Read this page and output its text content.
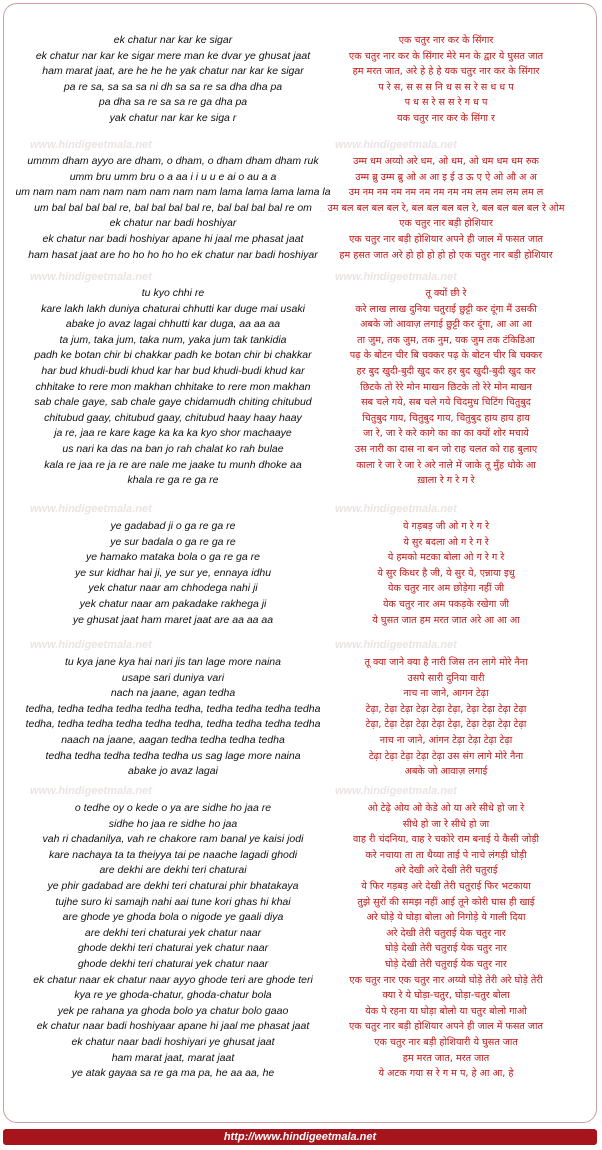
ek chatur nar kar ke sigar	एक चतुर नार कर के सिंगार
ek chatur nar kar ke sigar mere man ke dvar ye ghusat jaat	एक चतुर नार कर के सिंगार मेरे मन के द्वार ये घुसत जात
ham marat jaat, are he he he yak chatur nar kar ke sigar	हम मरत जात, अरे हे हे हे यक चतुर नार कर के सिंगार
pa re sa, sa sa sa ni dh sa sa re sa dha dha pa	प रे स, स स स नि ध स स रे स ध ध प
pa dha sa re sa sa re ga dha pa	प ध स रे स स रे ग ध प
yak chatur nar kar ke siga r	यक चतुर नार कर के सिंगा र
ummm dham ayyo are dham, o dham, o dham dham dham ruk	उम्म धम अय्यो अरे धम, ओ धम, ओ धम धम धम रुक
umm bru umm bru o a aa i i u u e ai o au a a	उम्म ब्रु उम्म ब्रु ओ अ आ इ ई उ ऊ ए ऐ ओ औ अ अ
um nam nam nam nam nam nam nam nam lama lama lama lama la	उम नम नम नम नम नम नम नम नम लम लम लम लम ल
um bal bal bal bal re, bal bal bal bal re, bal bal bal bal re om	उम बल बल बल बल रे, बल बल बल बल रे, बल बल बल बल रे ओम
ek chatur nar badi hoshiyar	एक चतुर नार बड़ी होशियार
ek chatur nar badi hoshiyar apane hi jaal me phasat jaat	एक चतुर नार बड़ी होशियार अपने ही जाल में फसत जात
ham hasat jaat are ho ho ho ho ho ek chatur nar badi hoshiyar	हम हसत जात अरे हो हो हो हो हो एक चतुर नार बड़ी होशियार
tu kyo chhi re	तू क्यों छी रे
kare lakh lakh duniya chaturai chhutti kar duge mai usaki	करे लाख लाख दुनिया चतुराई छुट्टी कर दूंगा मैं उसकी
abake jo avaz lagai chhutti kar duga, aa aa aa	अबके जो आवाज़ लगाई छुट्टी कर दूंगा, आ आ आ
ta jum, taka jum, taka num, yaka jum tak tankidia	ता जुम, तक जुम, तक नुम, यक जुम तक टंकिडिआ
padh ke botan chir bi chakkar padh ke botan chir bi chakkar	पढ़ के बोटन चीर बि चक्कर पढ़ के बोटन चीर बि चक्कर
har bud khudi-budi khud kar har bud khudi-budi khud kar	हर बुद खुदी-बुदी खुद कर हर बुद खुदी-बुदी खुद कर
chhitake to rere mon makhan chhitake to rere mon makhan	छिटके तो रेरे मोन माखन छिटके तो रेरे मोन माखन
sab chale gaye, sab chale gaye chidamudh chiting chitubud	सब चले गये, सब चले गये चिदमुध चिटिंग चितुबुद
chitubud gaay, chitubud gaay, chitubud haay haay haay	चितुबुद गाय, चितुबुद गाय, चितुबुद हाय हाय हाय
ja re, jaa re kare kage ka ka ka kyo shor machaaye	जा रे, जा रे करे कागे का का का क्यों शोर मचाये
us nari ka das na ban jo rah chalat ko rah bulae	उस नारी का दास ना बन जो राह चलत को राह बुलाए
kala re jaa re ja re are nale me jaake tu munh dhoke aa	काला रे जा रे जा रे अरे नाले में जाके तू मुँह धोके आ
khala re ga re ga re	ख़ाला रे ग रे ग रे
ye gadabad ji o ga re ga re	ये गड़बड़ जी ओ ग रे ग रे
ye sur badala o ga re ga re	ये सुर बदला ओ ग रे ग रे
ye hamako mataka bola o ga re ga re	ये हमको मटका बोला ओ ग रे ग रे
ye sur kidhar hai ji, ye sur ye, ennaya idhu	ये सुर किधर है जी, ये सुर ये, एन्नाया इधु
yek chatur naar am chhodega nahi ji	येक चतुर नार अम छोड़ेगा नहीं जी
yek chatur naar am pakadake rakhega ji	येक चतुर नार अम पकड़के रखेगा जी
ye ghusat jaat ham maret jaat are aa aa aa	ये घुसत जात हम मरत जात अरे आ आ आ
tu kya jane kya hai nari jis tan lage more naina	तू क्या जाने क्या है नारी जिस तन लागे मोरे नैना
usape sari duniya vari	उसपे सारी दुनिया वारी
nach na jaane, agan tedha	नाच ना जाने, आगन टेढ़ा
tedha, tedha tedha tedha tedha tedha, tedha tedha tedha tedha	टेढ़ा, टेढ़ा टेढ़ा टेढ़ा टेढ़ा टेढ़ा, टेढ़ा टेढ़ा टेढ़ा टेढ़ा
tedha, tedha tedha tedha tedha tedha, tedha tedha tedha tedha	टेढ़ा, टेढ़ा टेढ़ा टेढ़ा टेढ़ा टेढ़ा, टेढ़ा टेढ़ा टेढ़ा टेढ़ा
naach na jaane, aagan tedha tedha tedha tedha	नाच ना जाने, आंगन टेढ़ा टेढ़ा टेढ़ा टेढ़ा
tedha tedha tedha tedha tedha us sag lage more naina	टेढ़ा टेढ़ा टेढ़ा टेढ़ा टेढ़ा उस संग लागे मोरे नैना
abake jo avaz lagai	अबके जो आवाज़ लगाई
o tedhe oy o kede o ya are sidhe ho jaa re	ओ टेढ़े ओय ओ केडे ओ या अरे सीधे हो जा रे
sidhe ho jaa re sidhe ho jaa	सीधे हो जा रे सीधे हो जा
vah ri chadanilya, vah re chakore ram banal ye kaisi jodi	वाह री चंदनिया, वाह रे चकोरे राम बनाई ये कैसी जोड़ी
kare nachaya ta ta theiyya tai pe naache lagadi ghodi	करे नचाया ता ता थैय्या ताई पे नाचे लंगड़ी घोड़ी
are dekhi are dekhi teri chaturai	अरे देखी अरे देखी तेरी चतुराई
ye phir gadabad are dekhi teri chaturai phir bhatakaya	ये फिर गड़बड़ अरे देखी तेरी चतुराई फिर भटकाया
tujhe suro ki samajh nahi aai tune kori ghas hi khai	तुझे सुरों की समझ नहीं आई तूने कोरी घास ही खाई
are ghode ye ghoda bola o nigode ye gaali diya	अरे घोड़े ये घोड़ा बोला ओ निगोड़े ये गाली दिया
are dekhi teri chaturai yek chatur naar	अरे देखी तेरी चतुराई येक चतुर नार
ghode dekhi teri chaturai yek chatur naar	घोड़े देखी तेरी चतुराई येक चतुर नार
ghode dekhi teri chaturai yek chatur naar	घोड़े देखी तेरी चतुराई येक चतुर नार
ek chatur naar ek chatur naar ayyo ghode teri are ghode teri	एक चतुर नार एक चतुर नार अय्यो घोड़े तेरी अरे घोड़े तेरी
kya re ye ghoda-chatur, ghoda-chatur bola	क्या रे ये घोड़ा-चतुर, घोड़ा-चतुर बोला
yek pe rahana ya ghoda bolo ya chatur bolo gaao	येक पे रहना या घोड़ा बोलो या चतुर बोलो गाओ
ek chatur naar badi hoshiyaar apane hi jaal me phasat jaat	एक चतुर नार बड़ी होशियार अपने ही जाल में फसत जात
ek chatur naar badi hoshiyari ye ghusat jaat	एक चतुर नार बड़ी होशियारी ये घुसत जात
ham marat jaat, marat jaat	हम मरत जात, मरत जात
ye atak gayaa sa re ga ma pa, he aa aa, he	ये अटक गया स रे ग म प, हे आ आ, हे
www.hindigeetmala.net	www.hindigeetmala.net
www.hindigeetmala.net	www.hindigeetmala.net
www.hindigeetmala.net	www.hindigeetmala.net
www.hindigeetmala.net	www.hindigeetmala.net
www.hindigeetmala.net	www.hindigeetmala.net
http://www.hindigeetmala.net
